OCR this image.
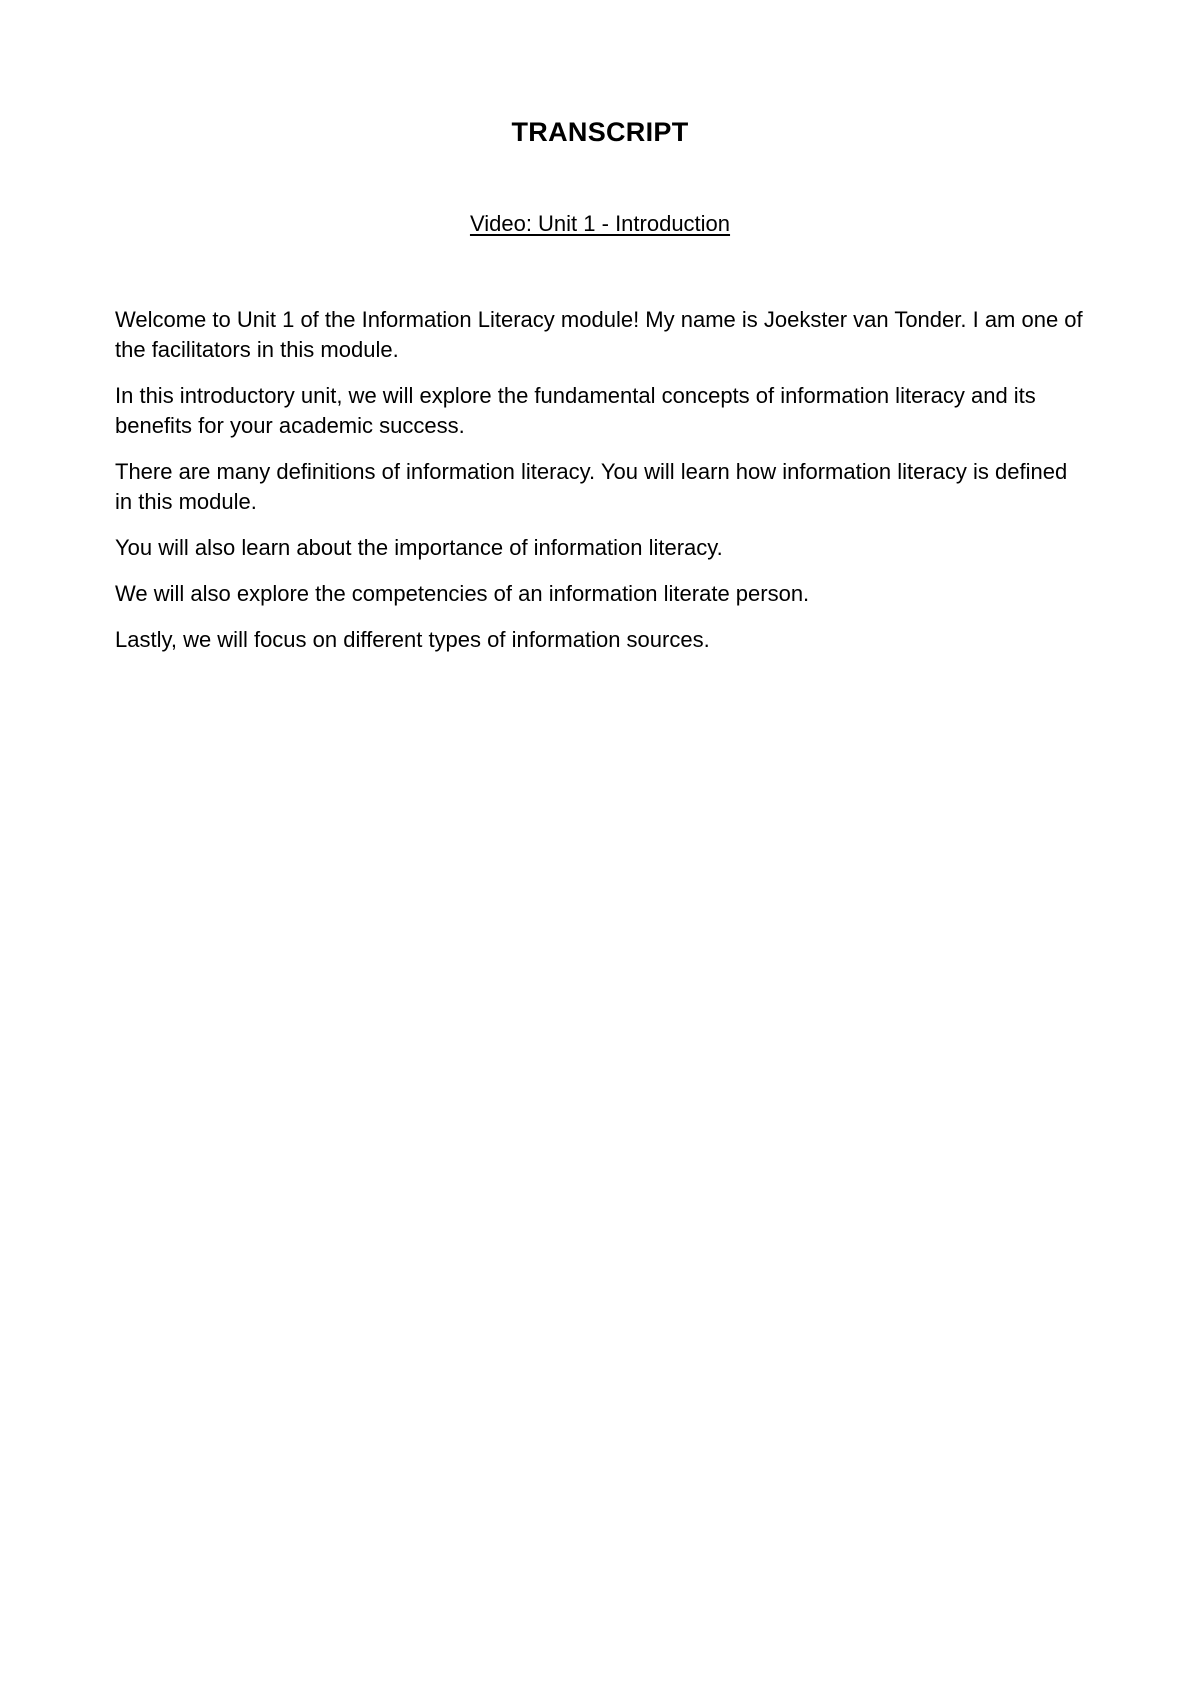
TRANSCRIPT
Video: Unit 1 - Introduction

Welcome to Unit 1 of the Information Literacy module! My name is Joekster van Tonder. I am one of the facilitators in this module.

In this introductory unit, we will explore the fundamental concepts of information literacy and its benefits for your academic success.

There are many definitions of information literacy. You will learn how information literacy is defined in this module.

You will also learn about the importance of information literacy.

We will also explore the competencies of an information literate person.

Lastly, we will focus on different types of information sources.
